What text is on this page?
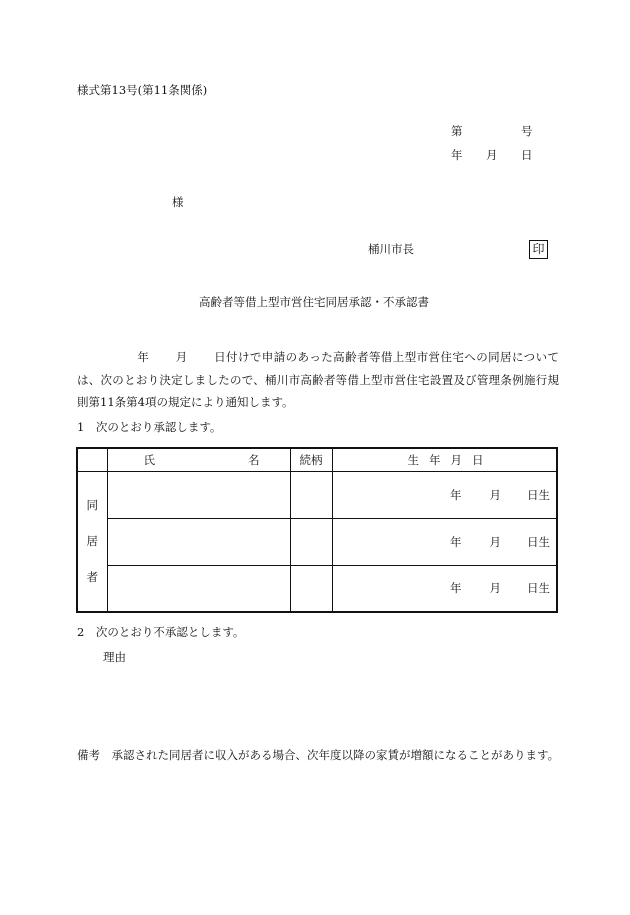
様式第13号(第11条関係)
第	号
年 月 日
様
桶川市長	印
高齢者等借上型市営住宅同居承認・不承認書
年 月 日付けで申請のあった高齢者等借上型市営住宅への同居については、次のとおり決定しましたので、桶川市高齢者等借上型市営住宅設置及び管理条例施行規則第11条第4項の規定により通知します。
1　次のとおり承認します。

	氏 名	続柄	生 年 月 日

同
居
者			年 月 日生
			年 月 日生
			年 月 日生
2　次のとおり不承認とします。
理由
備考　承認された同居者に収入がある場合、次年度以降の家賃が増額になることがあります。
